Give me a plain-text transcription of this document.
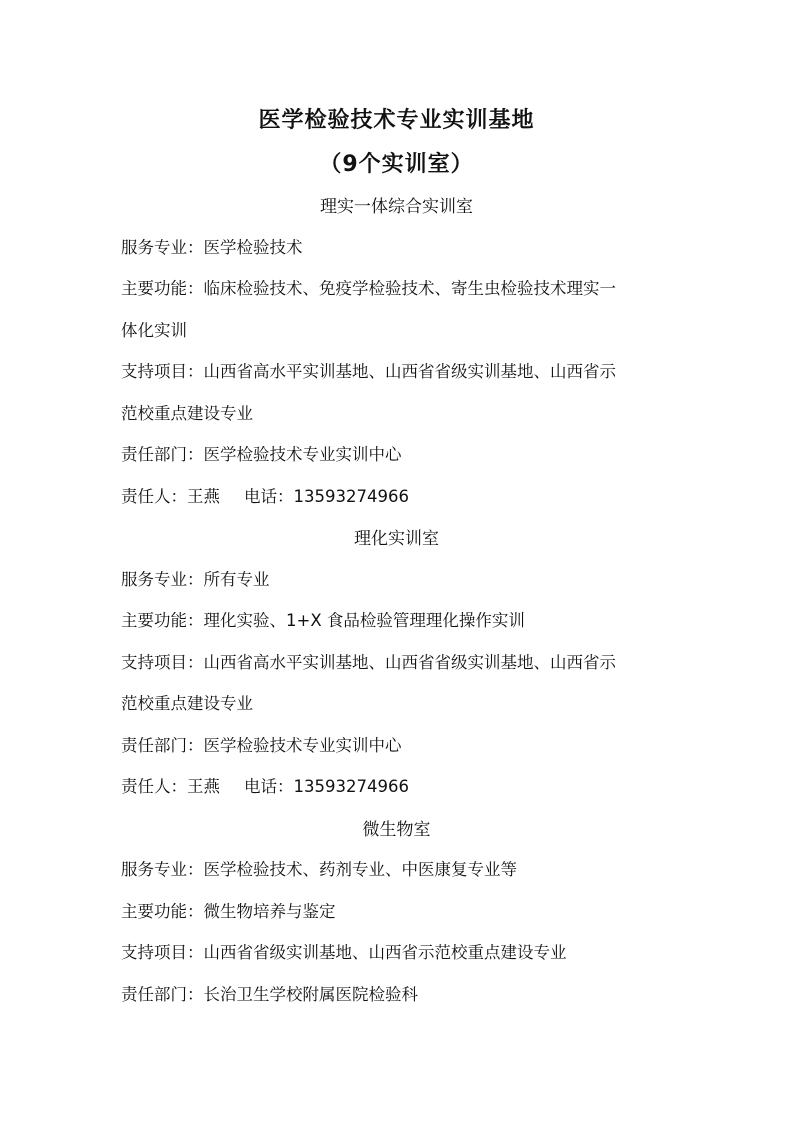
医学检验技术专业实训基地
（9个实训室）
理实一体综合实训室
服务专业：医学检验技术
主要功能：临床检验技术、免疫学检验技术、寄生虫检验技术理实一
体化实训
支持项目：山西省高水平实训基地、山西省省级实训基地、山西省示
范校重点建设专业
责任部门：医学检验技术专业实训中心
责任人：王燕 电话：13593274966
理化实训室
服务专业：所有专业
主要功能：理化实验、1+X 食品检验管理理化操作实训
支持项目：山西省高水平实训基地、山西省省级实训基地、山西省示
范校重点建设专业
责任部门：医学检验技术专业实训中心
责任人：王燕 电话：13593274966
微生物室
服务专业：医学检验技术、药剂专业、中医康复专业等
主要功能：微生物培养与鉴定
支持项目：山西省省级实训基地、山西省示范校重点建设专业
责任部门：长治卫生学校附属医院检验科
